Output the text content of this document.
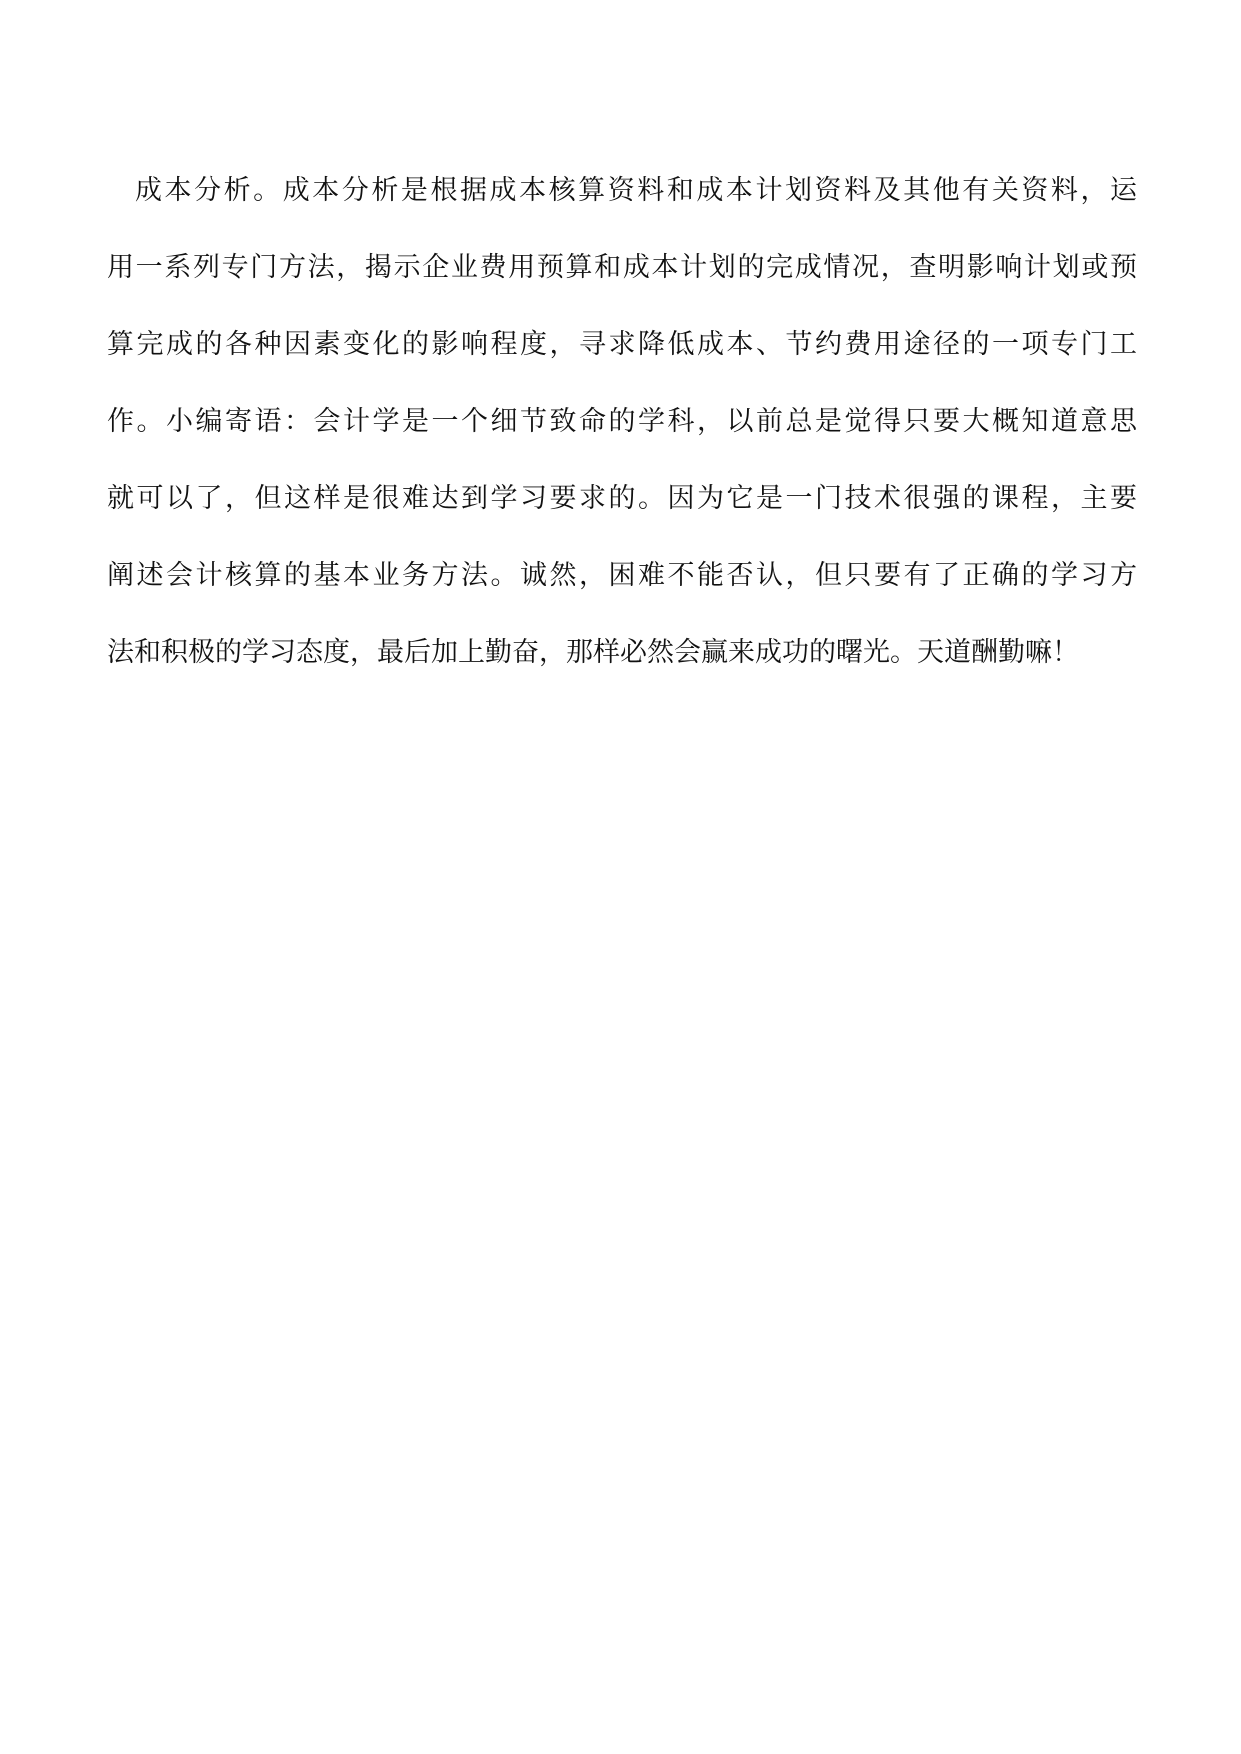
成本分析。成本分析是根据成本核算资料和成本计划资料及其他有关资料，运
用一系列专门方法，揭示企业费用预算和成本计划的完成情况，查明影响计划或预
算完成的各种因素变化的影响程度，寻求降低成本、节约费用途径的一项专门工
作。小编寄语：会计学是一个细节致命的学科，以前总是觉得只要大概知道意思
就可以了，但这样是很难达到学习要求的。因为它是一门技术很强的课程，主要
阐述会计核算的基本业务方法。诚然，困难不能否认，但只要有了正确的学习方
法和积极的学习态度，最后加上勤奋，那样必然会赢来成功的曙光。天道酬勤嘛！
